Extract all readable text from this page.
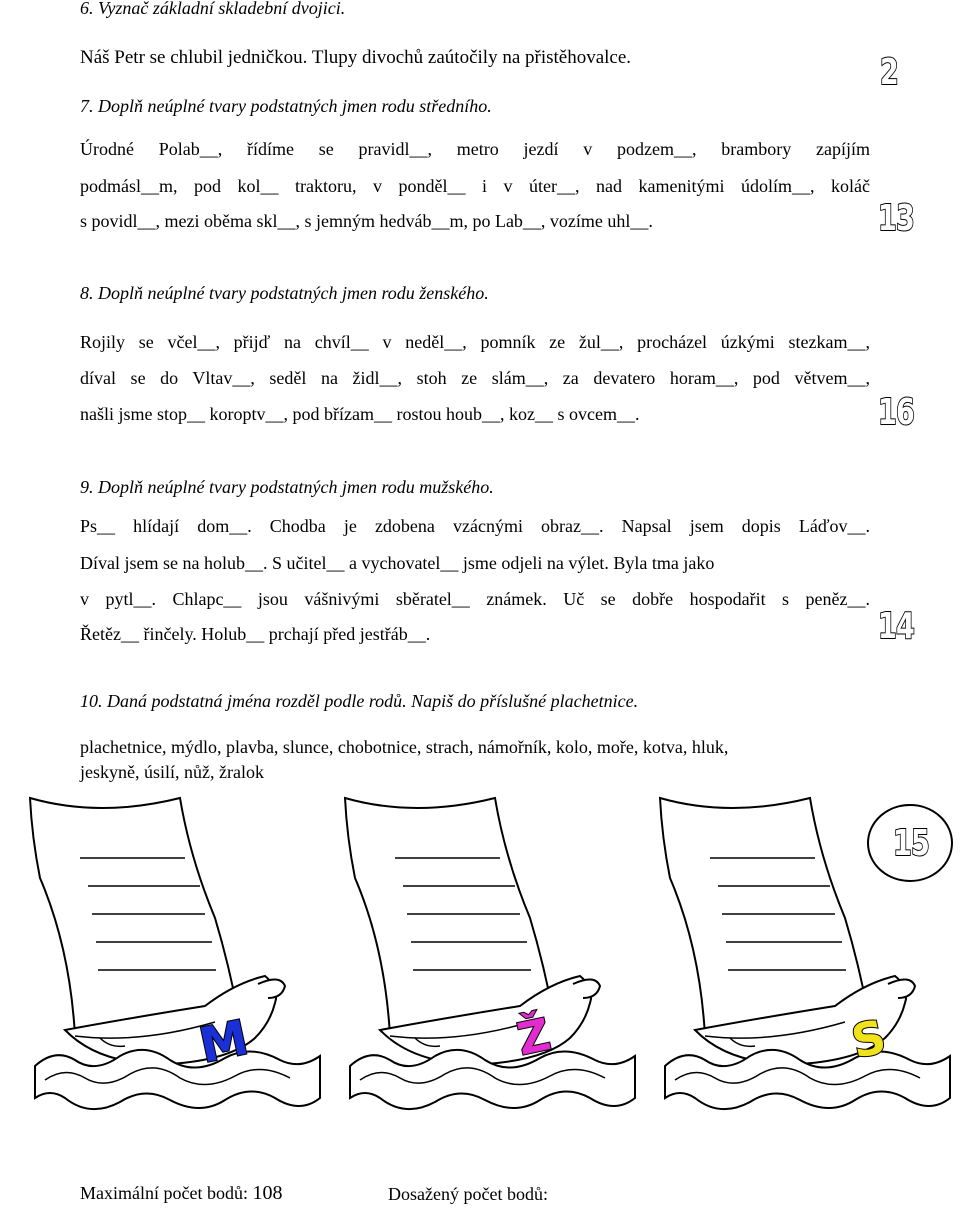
6. Vyznač základní skladební dvojici.
Náš Petr se chlubil jedničkou. Tlupy divochů zaútočily na přistěhovalce.	2
7. Doplň neúplné tvary podstatných jmen rodu středního.
Úrodné Polab__, řídíme se pravidl__, metro jezdí v podzem__, brambory zapíjím
podmásl__m, pod kol__ traktoru, v ponděl__ i v úter__, nad kamenitými údolím__, koláč
s povidl__, mezi oběma skl__, s jemným hedváb__m, po Lab__, vozíme uhl__.	13
8. Doplň neúplné tvary podstatných jmen rodu ženského.
Rojily se včel__, přijď na chvíl__ v neděl__, pomník ze žul__, procházel úzkými stezkam__,
díval se do Vltav__, seděl na židl__, stoh ze slám__, za devatero horam__, pod větvem__,
našli jsme stop__ koroptv__, pod břízam__ rostou houb__, koz__ s ovcem__.	16
9. Doplň neúplné tvary podstatných jmen rodu mužského.
Ps__ hlídají dom__. Chodba je zdobena vzácnými obraz__. Napsal jsem dopis Láďov__.
Díval jsem se na holub__. S učitel__ a vychovatel__ jsme odjeli na výlet. Byla tma jako
v pytl__. Chlapc__ jsou vášnivými sběratel__ známek. Uč se dobře hospodařit s peněz__.
Řetěz__ řinčely. Holub__ prchají před jestřáb__.	14
10. Daná podstatná jména rozděl podle rodů. Napiš do příslušné plachetnice.
plachetnice, mýdlo, plavba, slunce, chobotnice, strach, námořník, kolo, moře, kotva, hluk,
jeskyně, úsilí, nůž, žralok
M	Ž	S
15
Maximální počet bodů: 108	Dosažený počet bodů:
